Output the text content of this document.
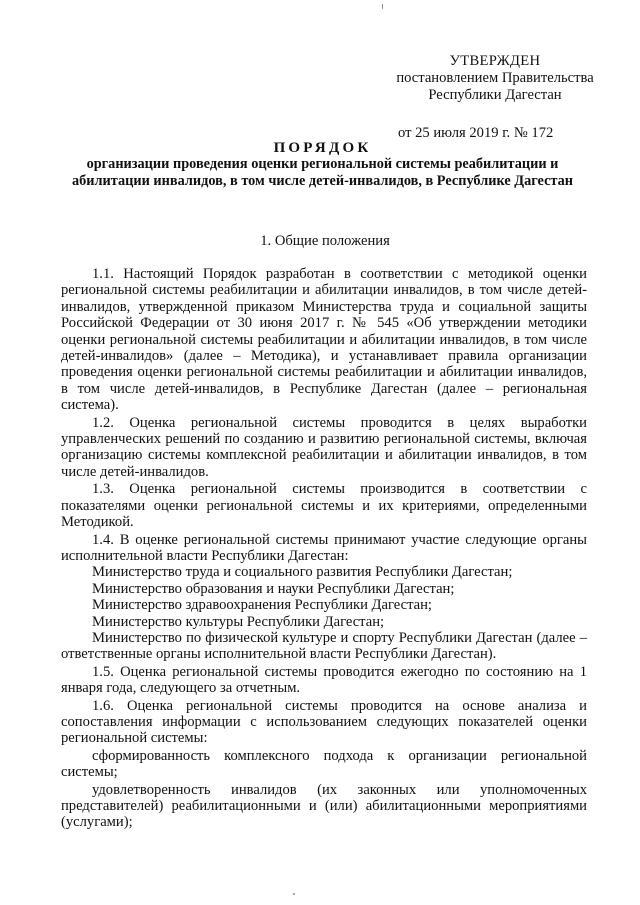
УТВЕРЖДЕН
постановлением Правительства
Республики Дагестан
от 25 июля 2019 г. № 172
ПОРЯДОК
организации проведения оценки региональной системы реабилитации и абилитации инвалидов, в том числе детей-инвалидов, в Республике Дагестан
1. Общие положения

1.1. Настоящий Порядок разработан в соответствии с методикой оценки региональной системы реабилитации и абилитации инвалидов, в том числе детей-инвалидов, утвержденной приказом Министерства труда и социальной защиты Российской Федерации от 30 июня 2017 г. № 545 «Об утверждении методики оценки региональной системы реабилитации и абилитации инвалидов, в том числе детей-инвалидов» (далее – Методика), и устанавливает правила организации проведения оценки региональной системы реабилитации и абилитации инвалидов, в том числе детей-инвалидов, в Республике Дагестан (далее – региональная система).

1.2. Оценка региональной системы проводится в целях выработки управленческих решений по созданию и развитию региональной системы, включая организацию системы комплексной реабилитации и абилитации инвалидов, в том числе детей-инвалидов.

1.3. Оценка региональной системы производится в соответствии с показателями оценки региональной системы и их критериями, определенными Методикой.

1.4. В оценке региональной системы принимают участие следующие органы исполнительной власти Республики Дагестан:

Министерство труда и социального развития Республики Дагестан;

Министерство образования и науки Республики Дагестан;

Министерство здравоохранения Республики Дагестан;

Министерство культуры Республики Дагестан;

Министерство по физической культуре и спорту Республики Дагестан (далее – ответственные органы исполнительной власти Республики Дагестан).

1.5. Оценка региональной системы проводится ежегодно по состоянию на 1 января года, следующего за отчетным.

1.6. Оценка региональной системы проводится на основе анализа и сопоставления информации с использованием следующих показателей оценки региональной системы:

сформированность комплексного подхода к организации региональной системы;

удовлетворенность инвалидов (их законных или уполномоченных представителей) реабилитационными и (или) абилитационными мероприятиями (услугами);
